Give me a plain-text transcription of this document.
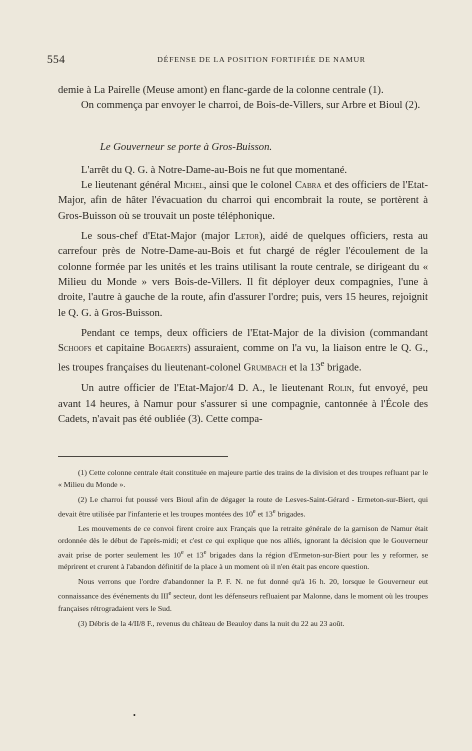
554	DÉFENSE DE LA POSITION FORTIFIÉE DE NAMUR

demie à La Pairelle (Meuse amont) en flanc-garde de la colonne centrale (1).

On commença par envoyer le charroi, de Bois-de-Villers, sur Arbre et Bioul (2).

Le Gouverneur se porte à Gros-Buisson.

L'arrêt du Q. G. à Notre-Dame-au-Bois ne fut que momentané.

Le lieutenant général Michel, ainsi que le colonel Cabra et des officiers de l'Etat-Major, afin de hâter l'évacuation du charroi qui encombrait la route, se portèrent à Gros-Buisson où se trouvait un poste téléphonique.

Le sous-chef d'Etat-Major (major Letor), aidé de quelques officiers, resta au carrefour près de Notre-Dame-au-Bois et fut chargé de régler l'écoulement de la colonne formée par les unités et les trains utilisant la route centrale, se dirigeant du « Milieu du Monde » vers Bois-de-Villers. Il fit déployer deux compagnies, l'une à droite, l'autre à gauche de la route, afin d'assurer l'ordre; puis, vers 15 heures, rejoignit le Q. G. à Gros-Buisson.

Pendant ce temps, deux officiers de l'Etat-Major de la division (commandant Schoofs et capitaine Bogaerts) assuraient, comme on l'a vu, la liaison entre le Q. G., les troupes françaises du lieutenant-colonel Grumbach et la 13e brigade.

Un autre officier de l'Etat-Major/4 D. A., le lieutenant Rolin, fut envoyé, peu avant 14 heures, à Namur pour s'assurer si une compagnie, cantonnée à l'École des Cadets, n'avait pas été oubliée (3). Cette compa-

(1) Cette colonne centrale était constituée en majeure partie des trains de la division et des troupes refluant par le « Milieu du Monde ».

(2) Le charroi fut poussé vers Bioul afin de dégager la route de Lesves-Saint-Gérard - Ermeton-sur-Biert, qui devait être utilisée par l'infanterie et les troupes montées des 10e et 13e brigades.

Les mouvements de ce convoi firent croire aux Français que la retraite générale de la garnison de Namur était ordonnée dès le début de l'après-midi; et c'est ce qui explique que nos alliés, ignorant la décision que le Gouverneur avait prise de porter seulement les 10e et 13e brigades dans la région d'Ermeton-sur-Biert pour les y reformer, se méprirent et crurent à l'abandon définitif de la place à un moment où il n'en était pas encore question.

Nous verrons que l'ordre d'abandonner la P. F. N. ne fut donné qu'à 16 h. 20, lorsque le Gouverneur eut connaissance des événements du IIIe secteur, dont les défenseurs refluaient par Malonne, dans le moment où les troupes françaises rétrogradaient vers le Sud.

(3) Débris de la 4/II/8 F., revenus du château de Beauloy dans la nuit du 22 au 23 août.

•
